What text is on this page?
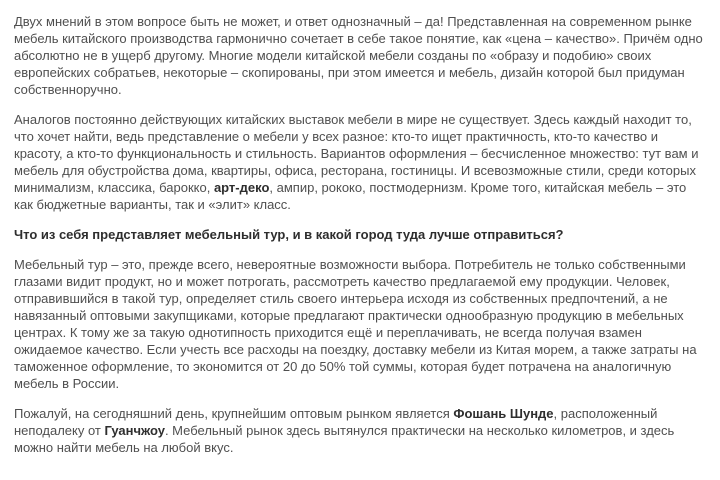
Двух мнений в этом вопросе быть не может, и ответ однозначный – да! Представленная на современном рынке мебель китайского производства гармонично сочетает в себе такое понятие, как «цена – качество». Причём одно абсолютно не в ущерб другому. Многие модели китайской мебели созданы по «образу и подобию» своих европейских собратьев, некоторые – скопированы, при этом имеется и мебель, дизайн которой был придуман собственноручно.

Аналогов постоянно действующих китайских выставок мебели в мире не существует. Здесь каждый находит то, что хочет найти, ведь представление о мебели у всех разное: кто-то ищет практичность, кто-то качество и красоту, а кто-то функциональность и стильность. Вариантов оформления – бесчисленное множество: тут вам и мебель для обустройства дома, квартиры, офиса, ресторана, гостиницы. И всевозможные стили, среди которых минимализм, классика, барокко, арт-деко, ампир, рококо, постмодернизм. Кроме того, китайская мебель – это как бюджетные варианты, так и «элит» класс.

Что из себя представляет мебельный тур, и в какой город туда лучше отправиться?

Мебельный тур – это, прежде всего, невероятные возможности выбора. Потребитель не только собственными глазами видит продукт, но и может потрогать, рассмотреть качество предлагаемой ему продукции. Человек, отправившийся в такой тур, определяет стиль своего интерьера исходя из собственных предпочтений, а не навязанный оптовыми закупщиками, которые предлагают практически однообразную продукцию в мебельных центрах. К тому же за такую однотипность приходится ещё и переплачивать, не всегда получая взамен ожидаемое качество. Если учесть все расходы на поездку, доставку мебели из Китая морем, а также затраты на таможенное оформление, то экономится от 20 до 50% той суммы, которая будет потрачена на аналогичную мебель в России.

Пожалуй, на сегодняшний день, крупнейшим оптовым рынком является Фошань Шунде, расположенный неподалеку от Гуанчжоу. Мебельный рынок здесь вытянулся практически на несколько километров, и здесь можно найти мебель на любой вкус.
